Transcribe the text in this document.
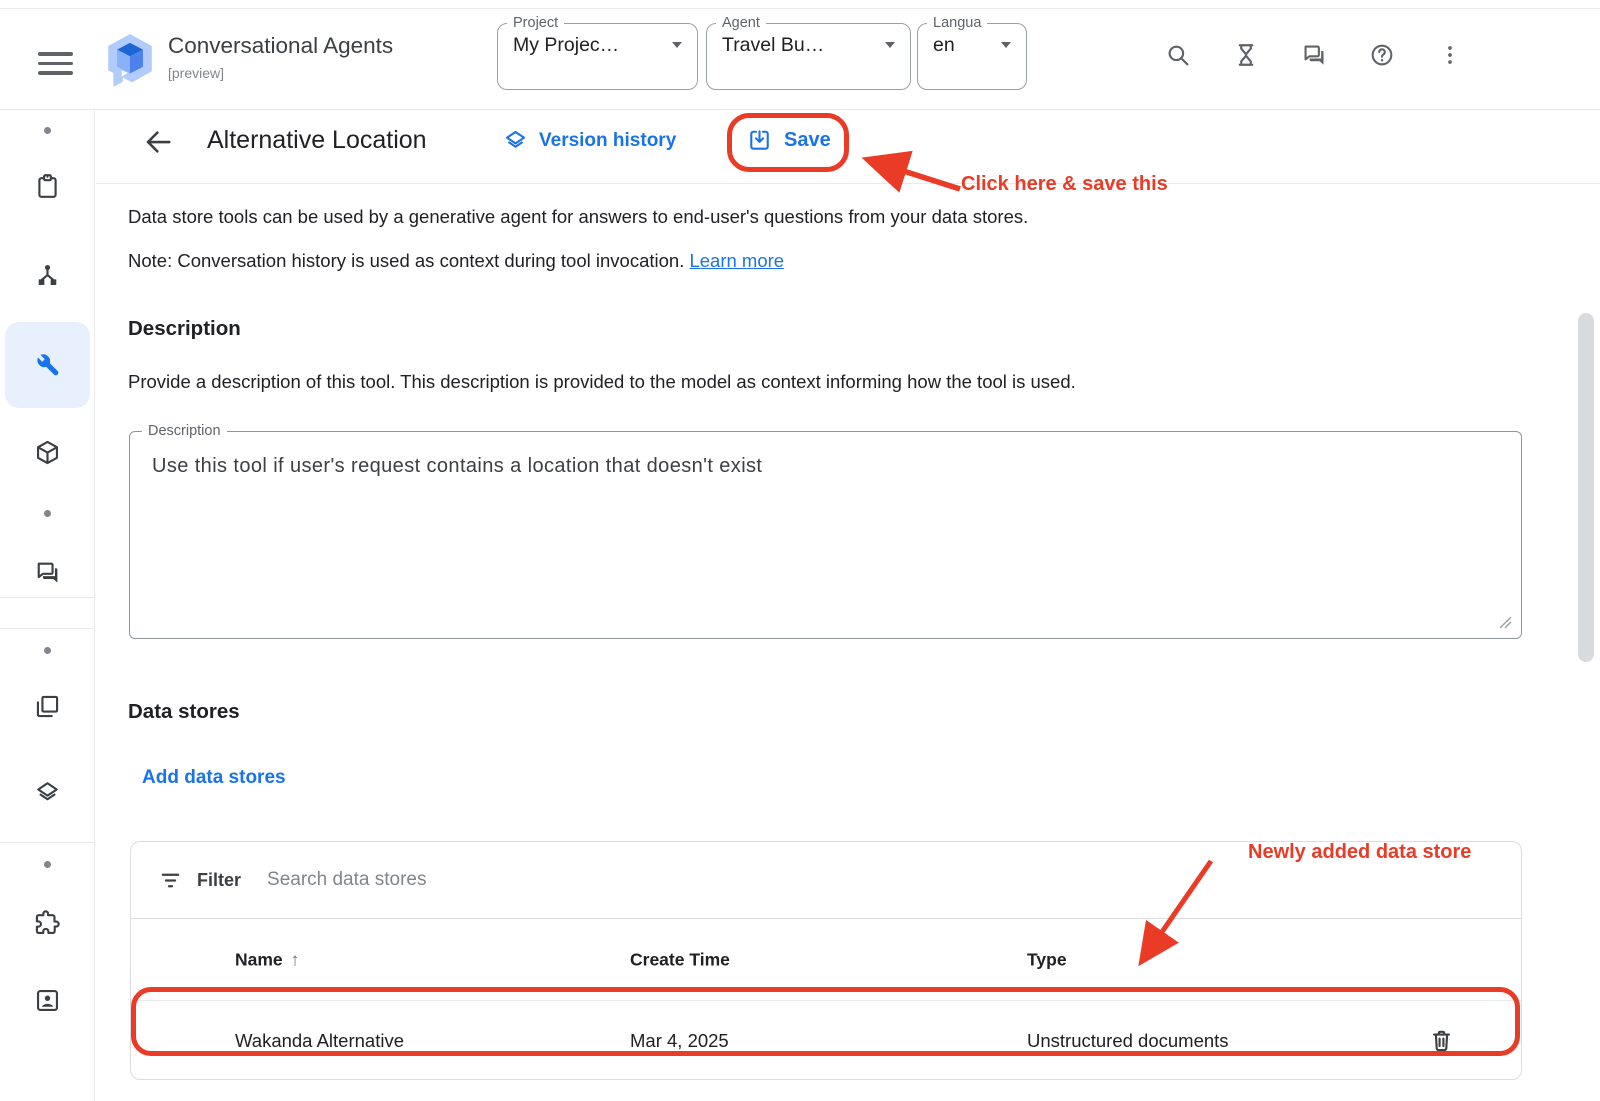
Conversational Agents
[preview]
Project
My Projec…
Agent
Travel Bu…
Langua
en
Alternative Location	Version history	Save

Data store tools can be used by a generative agent for answers to end-user's questions from your data stores.

Note: Conversation history is used as context during tool invocation. Learn more

Description

Provide a description of this tool. This description is provided to the model as context informing how the tool is used.

Description
Use this tool if user's request contains a location that doesn't exist
Data stores
Add data stores
Filter
Search data stores
Name ↑	Create Time	Type
Wakanda Alternative	Mar 4, 2025	Unstructured documents
Click here & save this
Newly added data store
